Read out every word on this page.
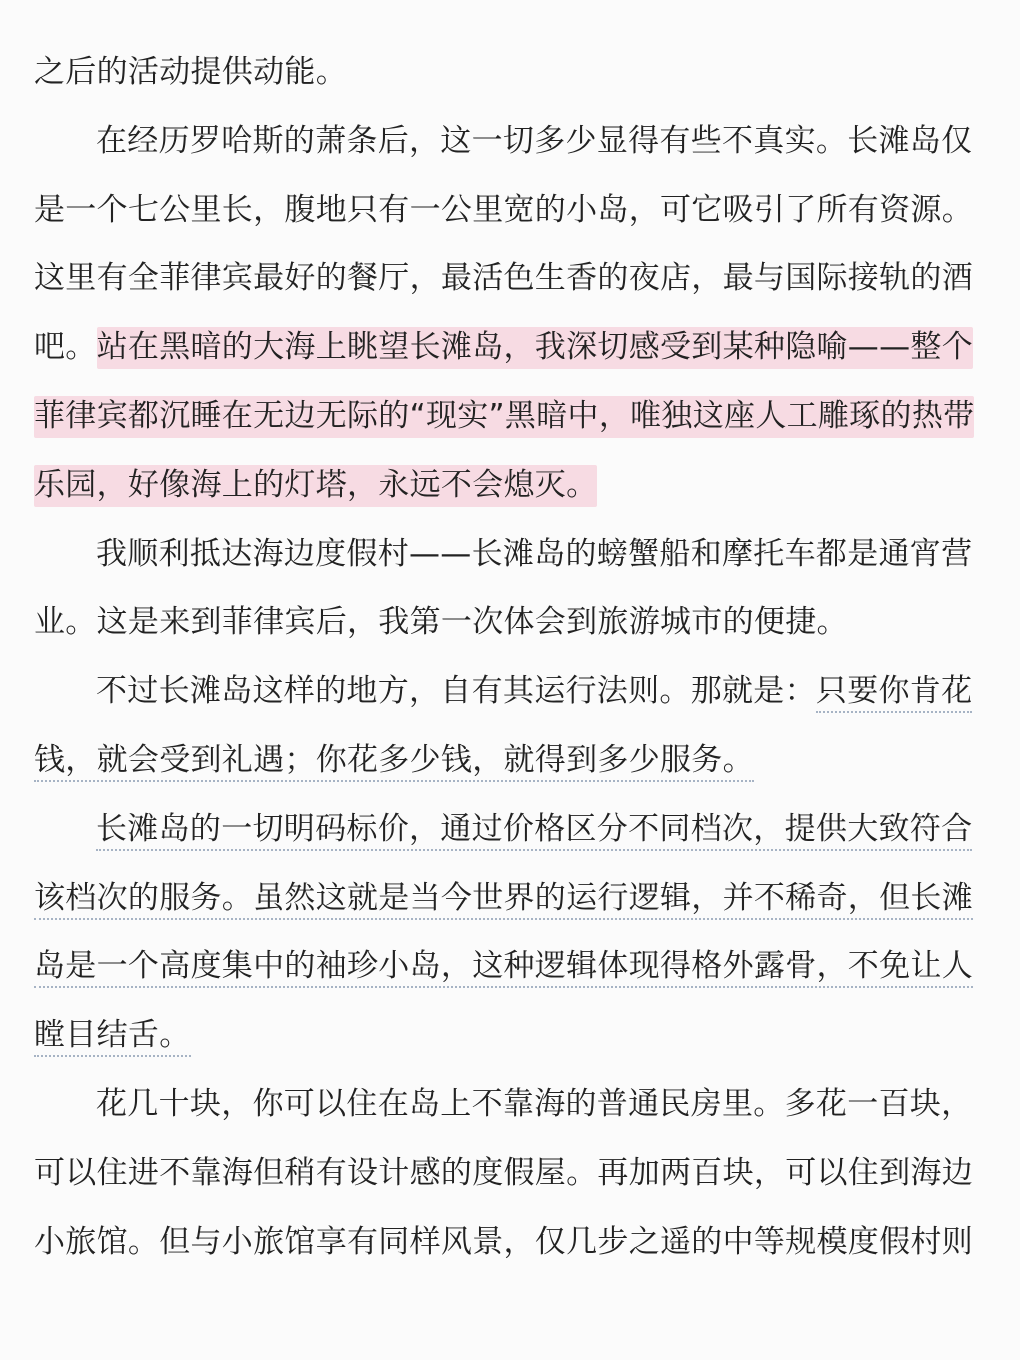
之后的活动提供动能。
在经历罗哈斯的萧条后，这一切多少显得有些不真实。长滩岛仅
是一个七公里长，腹地只有一公里宽的小岛，可它吸引了所有资源。
这里有全菲律宾最好的餐厅，最活色生香的夜店，最与国际接轨的酒
吧。站在黑暗的大海上眺望长滩岛，我深切感受到某种隐喻——整个
菲律宾都沉睡在无边无际的“现实”黑暗中，唯独这座人工雕琢的热带
乐园，好像海上的灯塔，永远不会熄灭。
我顺利抵达海边度假村——长滩岛的螃蟹船和摩托车都是通宵营
业。这是来到菲律宾后，我第一次体会到旅游城市的便捷。
不过长滩岛这样的地方，自有其运行法则。那就是：只要你肯花
钱，就会受到礼遇；你花多少钱，就得到多少服务。
长滩岛的一切明码标价，通过价格区分不同档次，提供大致符合
该档次的服务。虽然这就是当今世界的运行逻辑，并不稀奇，但长滩
岛是一个高度集中的袖珍小岛，这种逻辑体现得格外露骨，不免让人
瞠目结舌。
花几十块，你可以住在岛上不靠海的普通民房里。多花一百块，
可以住进不靠海但稍有设计感的度假屋。再加两百块，可以住到海边
小旅馆。但与小旅馆享有同样风景，仅几步之遥的中等规模度假村则
